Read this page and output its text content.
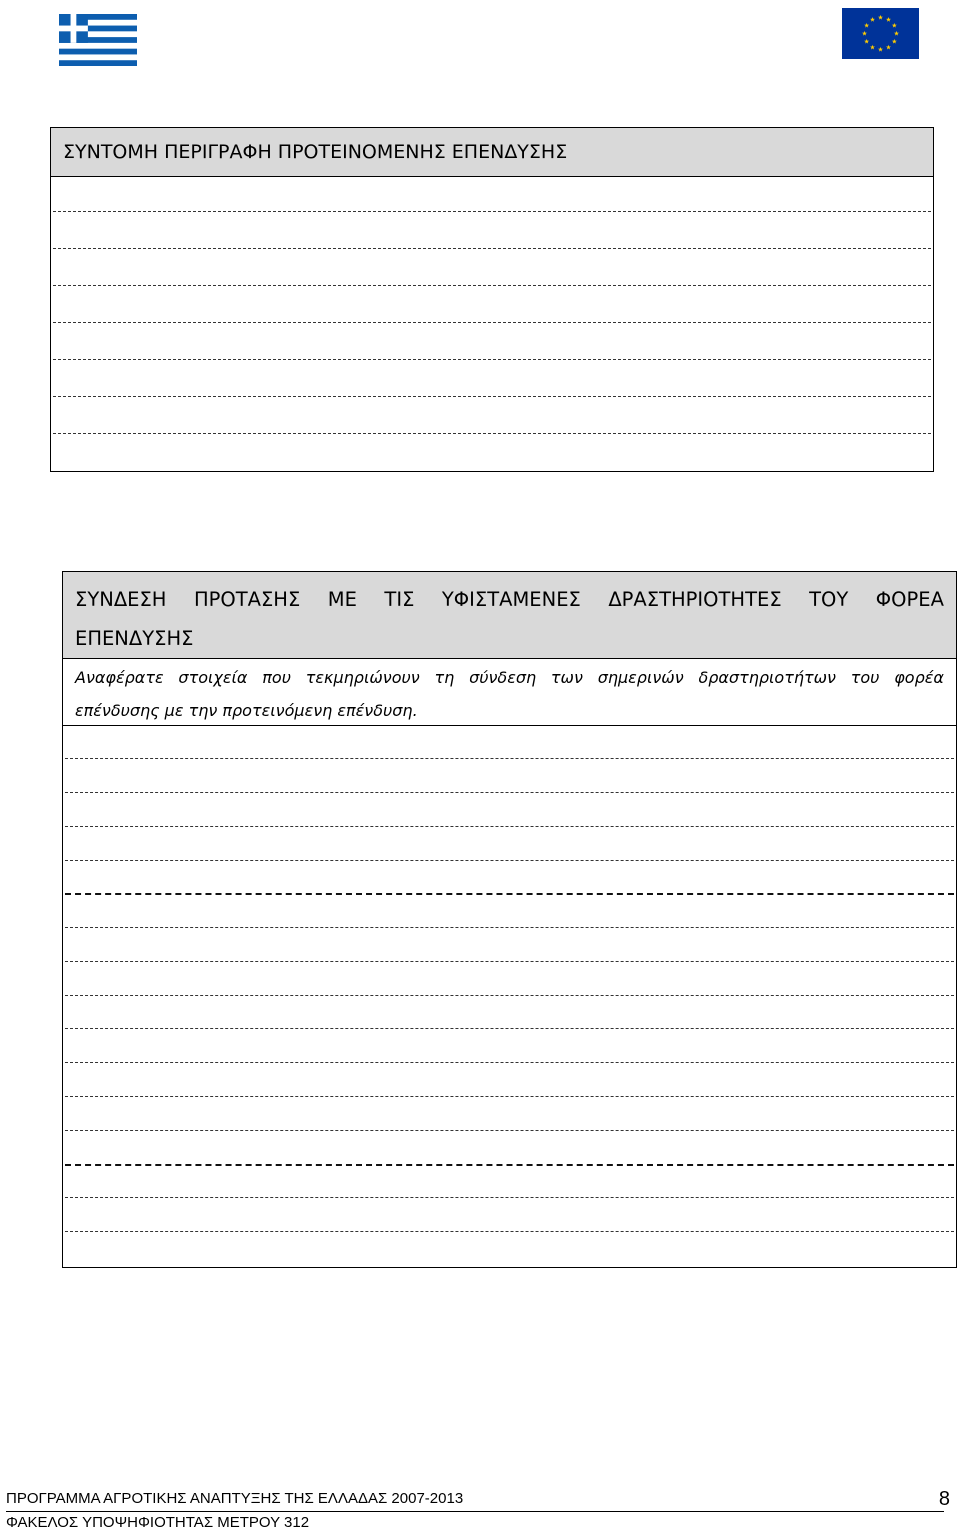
ΣΥΝΤΟΜΗ ΠΕΡΙΓΡΑΦΗ ΠΡΟΤΕΙΝΟΜΕΝΗΣ ΕΠΕΝΔΥΣΗΣ
ΣΥΝΔΕΣΗ ΠΡΟΤΑΣΗΣ ΜΕ ΤΙΣ ΥΦΙΣΤΑΜΕΝΕΣ ΔΡΑΣΤΗΡΙΟΤΗΤΕΣ ΤΟΥ ΦΟΡΕΑ
ΕΠΕΝΔΥΣΗΣ
Αναφέρατε στοιχεία που τεκμηριώνουν τη σύνδεση των σημερινών δραστηριοτήτων του φορέα
επένδυσης με την προτεινόμενη επένδυση.
ΠΡΟΓΡΑΜΜΑ ΑΓΡΟΤΙΚΗΣ ΑΝΑΠΤΥΞΗΣ ΤΗΣ ΕΛΛΑΔΑΣ 2007-2013	8
ΦΑΚΕΛΟΣ ΥΠΟΨΗΦΙΟΤΗΤΑΣ ΜΕΤΡΟΥ 312
